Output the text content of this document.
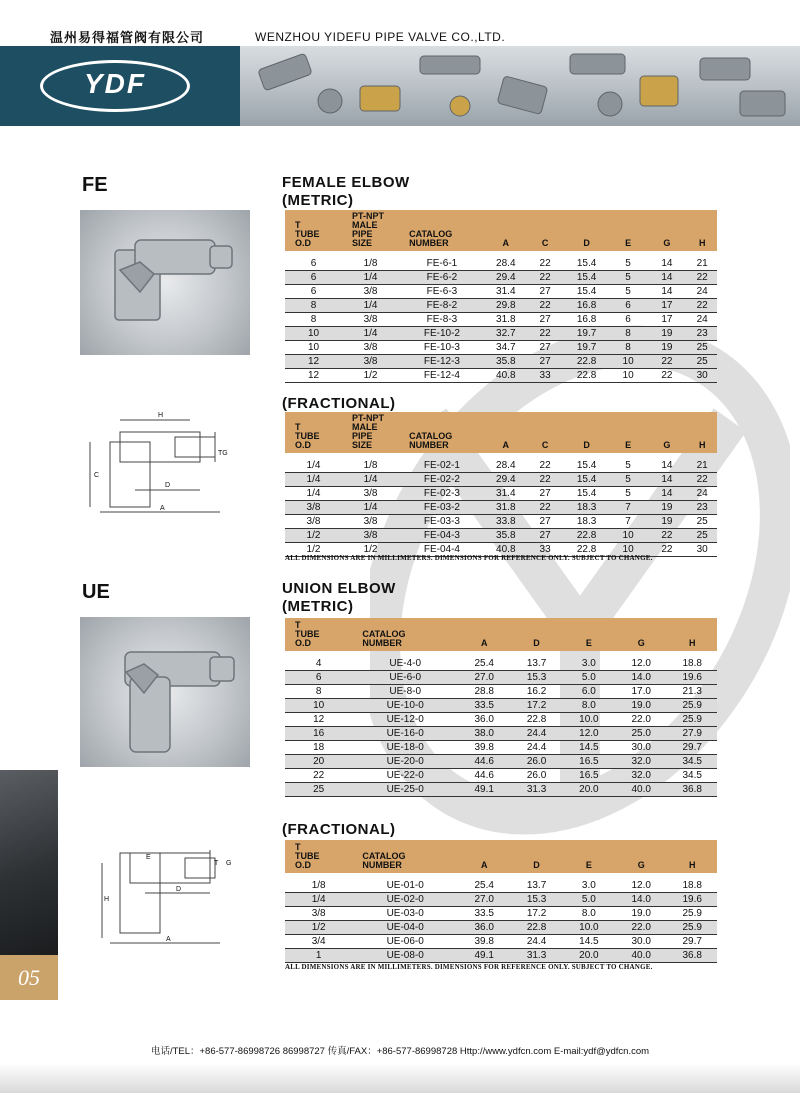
温州易得福管阀有限公司	WENZHOU YIDEFU PIPE VALVE CO.,LTD.
YDF
FE	FEMALE ELBOW
(METRIC)
H
TG
C
D
A
T
TUBE
O.D	PT-NPT
MALE
PIPE
SIZE	CATALOG
NUMBER	A	C	D	E	G	H

6	1/8	FE-6-1	28.4	22	15.4	5	14	21
6	1/4	FE-6-2	29.4	22	15.4	5	14	22
6	3/8	FE-6-3	31.4	27	15.4	5	14	24
8	1/4	FE-8-2	29.8	22	16.8	6	17	22
8	3/8	FE-8-3	31.8	27	16.8	6	17	24
10	1/4	FE-10-2	32.7	22	19.7	8	19	23
10	3/8	FE-10-3	34.7	27	19.7	8	19	25
12	3/8	FE-12-3	35.8	27	22.8	10	22	25
12	1/2	FE-12-4	40.8	33	22.8	10	22	30
(FRACTIONAL)
T
TUBE
O.D	PT-NPT
MALE
PIPE
SIZE	CATALOG
NUMBER	A	C	D	E	G	H

1/4	1/8	FE-02-1	28.4	22	15.4	5	14	21
1/4	1/4	FE-02-2	29.4	22	15.4	5	14	22
1/4	3/8	FE-02-3	31.4	27	15.4	5	14	24
3/8	1/4	FE-03-2	31.8	22	18.3	7	19	23
3/8	3/8	FE-03-3	33.8	27	18.3	7	19	25
1/2	3/8	FE-04-3	35.8	27	22.8	10	22	25
1/2	1/2	FE-04-4	40.8	33	22.8	10	22	30
ALL DIMENSIONS ARE IN MILLIMETERS. DIMENSIONS FOR REFERENCE ONLY. SUBJECT TO CHANGE.
UE	UNION ELBOW
(METRIC)
E
T G
H
D
A
T
TUBE
O.D	CATALOG
NUMBER	A	D	E	G	H

4	UE-4-0	25.4	13.7	3.0	12.0	18.8
6	UE-6-0	27.0	15.3	5.0	14.0	19.6
8	UE-8-0	28.8	16.2	6.0	17.0	21.3
10	UE-10-0	33.5	17.2	8.0	19.0	25.9
12	UE-12-0	36.0	22.8	10.0	22.0	25.9
16	UE-16-0	38.0	24.4	12.0	25.0	27.9
18	UE-18-0	39.8	24.4	14.5	30.0	29.7
20	UE-20-0	44.6	26.0	16.5	32.0	34.5
22	UE-22-0	44.6	26.0	16.5	32.0	34.5
25	UE-25-0	49.1	31.3	20.0	40.0	36.8
(FRACTIONAL)
T
TUBE
O.D	CATALOG
NUMBER	A	D	E	G	H

1/8	UE-01-0	25.4	13.7	3.0	12.0	18.8
1/4	UE-02-0	27.0	15.3	5.0	14.0	19.6
3/8	UE-03-0	33.5	17.2	8.0	19.0	25.9
1/2	UE-04-0	36.0	22.8	10.0	22.0	25.9
3/4	UE-06-0	39.8	24.4	14.5	30.0	29.7
1	UE-08-0	49.1	31.3	20.0	40.0	36.8
ALL DIMENSIONS ARE IN MILLIMETERS. DIMENSIONS FOR REFERENCE ONLY. SUBJECT TO CHANGE.
05
电话/TEL：+86-577-86998726 86998727 传真/FAX：+86-577-86998728 Http://www.ydfcn.com E-mail:ydf@ydfcn.com
